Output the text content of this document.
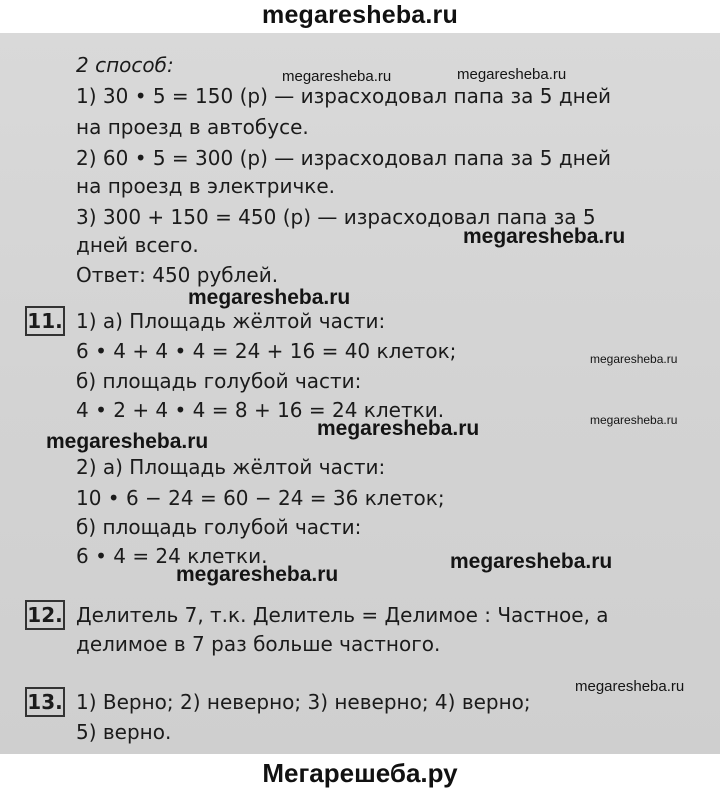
megaresheba.ru
2 способ:
1) 30 • 5 = 150 (р) — израсходовал папа за 5 дней
на проезд в автобусе.
2) 60 • 5 = 300 (р) — израсходовал папа за 5 дней
на проезд в электричке.
3) 300 + 150 = 450 (р) — израсходовал папа за 5
дней всего.
Ответ: 450 рублей.
11. 1) а) Площадь жёлтой части:
6 • 4 + 4 • 4 = 24 + 16 = 40 клеток;
б) площадь голубой части:
4 • 2 + 4 • 4 = 8 + 16 = 24 клетки.
2) а) Площадь жёлтой части:
10 • 6 − 24 = 60 − 24 = 36 клеток;
б) площадь голубой части:
6 • 4 = 24 клетки.
12. Делитель 7, т.к. Делитель = Делимое : Частное, а
делимое в 7 раз больше частного.
13. 1) Верно; 2) неверно; 3) неверно; 4) верно;
5) верно.
megaresheba.ru	megaresheba.ru
megaresheba.ru
megaresheba.ru
megaresheba.ru
megaresheba.ru
megaresheba.ru
megaresheba.ru
megaresheba.ru
megaresheba.ru
megaresheba.ru
Мегарешеба.ру
